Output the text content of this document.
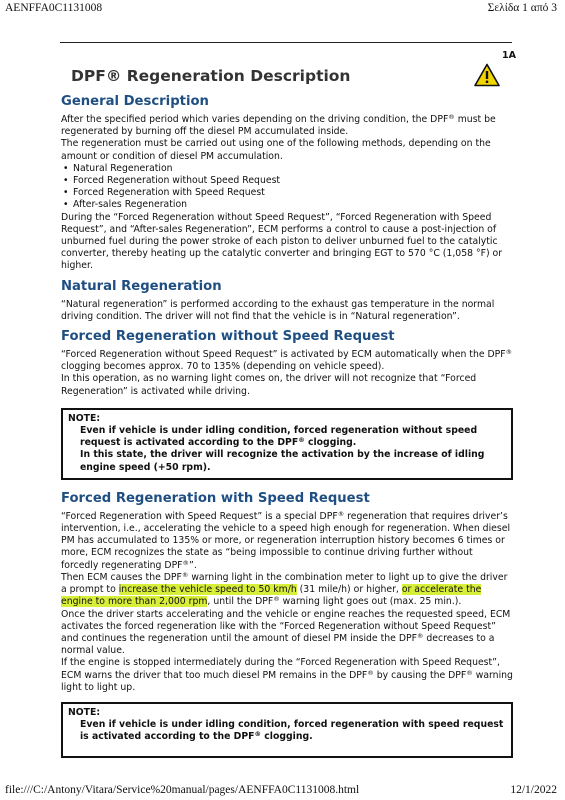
AENFFA0C1131008	Σελίδα 1 από 3
1A
DPF® Regeneration Description
General Description

After the specified period which varies depending on the driving condition, the DPF® must be regenerated by burning off the diesel PM accumulated inside.

The regeneration must be carried out using one of the following methods, depending on the amount or condition of diesel PM accumulation.

• Natural Regeneration
• Forced Regeneration without Speed Request
• Forced Regeneration with Speed Request
• After-sales Regeneration

During the “Forced Regeneration without Speed Request”, “Forced Regeneration with Speed Request”, and “After-sales Regeneration”, ECM performs a control to cause a post-injection of unburned fuel during the power stroke of each piston to deliver unburned fuel to the catalytic converter, thereby heating up the catalytic converter and bringing EGT to 570 °C (1,058 °F) or higher.

Natural Regeneration

“Natural regeneration” is performed according to the exhaust gas temperature in the normal driving condition. The driver will not find that the vehicle is in “Natural regeneration”.

Forced Regeneration without Speed Request

“Forced Regeneration without Speed Request” is activated by ECM automatically when the DPF® clogging becomes approx. 70 to 135% (depending on vehicle speed).

In this operation, as no warning light comes on, the driver will not recognize that “Forced Regeneration” is activated while driving.

NOTE:
Even if vehicle is under idling condition, forced regeneration without speed request is activated according to the DPF® clogging.
In this state, the driver will recognize the activation by the increase of idling engine speed (+50 rpm).
Forced Regeneration with Speed Request

“Forced Regeneration with Speed Request” is a special DPF® regeneration that requires driver’s intervention, i.e., accelerating the vehicle to a speed high enough for regeneration. When diesel PM has accumulated to 135% or more, or regeneration interruption history becomes 6 times or more, ECM recognizes the state as “being impossible to continue driving further without forcedly regenerating DPF®”.

Then ECM causes the DPF® warning light in the combination meter to light up to give the driver a prompt to increase the vehicle speed to 50 km/h (31 mile/h) or higher, or accelerate the engine to more than 2,000 rpm, until the DPF® warning light goes out (max. 25 min.).

Once the driver starts accelerating and the vehicle or engine reaches the requested speed, ECM activates the forced regeneration like with the “Forced Regeneration without Speed Request” and continues the regeneration until the amount of diesel PM inside the DPF® decreases to a normal value.

If the engine is stopped intermediately during the “Forced Regeneration with Speed Request”, ECM warns the driver that too much diesel PM remains in the DPF® by causing the DPF® warning light to light up.

NOTE:
Even if vehicle is under idling condition, forced regeneration with speed request is activated according to the DPF® clogging.
file:///C:/Antony/Vitara/Service%20manual/pages/AENFFA0C1131008.html	12/1/2022
